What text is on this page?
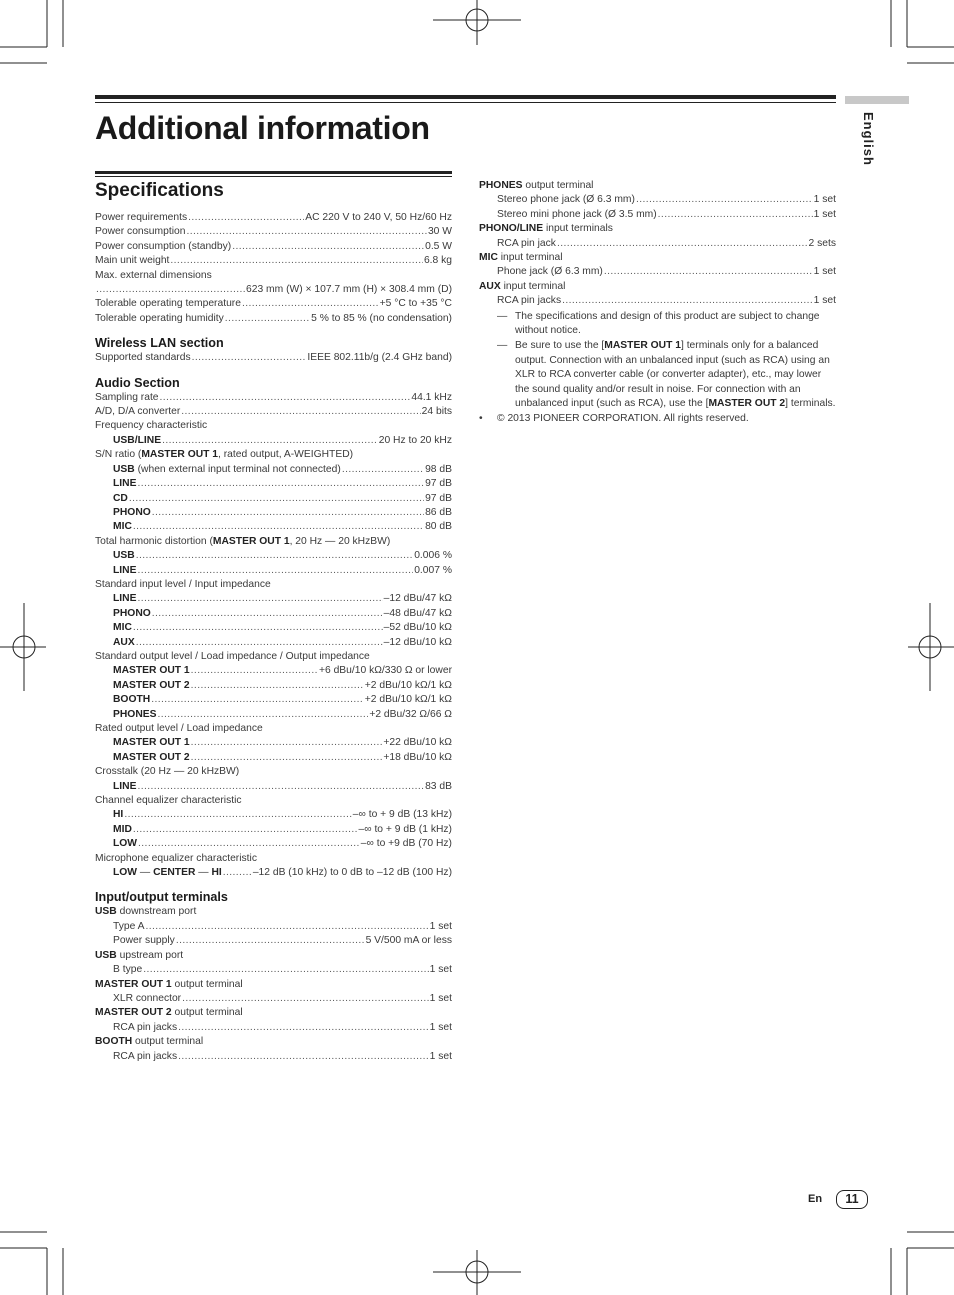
English
Additional information
Specifications
Power requirements .....	AC 220 V to 240 V, 50 Hz/60 Hz
Power consumption .....	30 W
Power consumption (standby) .....	0.5 W
Main unit weight .....	6.8 kg
Max. external dimensions
.....
623 mm (W) × 107.7 mm (H) × 308.4 mm (D)
Tolerable operating temperature .....	+5 °C to +35 °C
Tolerable operating humidity .....	5 % to 85 % (no condensation)
Wireless LAN section
Supported standards .....	IEEE 802.11b/g (2.4 GHz band)
Audio Section
Sampling rate .....	44.1 kHz
A/D, D/A converter .....	24 bits
Frequency characteristic
USB/LINE .....	20 Hz to 20 kHz
S/N ratio (MASTER OUT 1, rated output, A-WEIGHTED)
USB (when external input terminal not connected) .....	98 dB
LINE .....	97 dB
CD .....	97 dB
PHONO .....	86 dB
MIC .....	80 dB
Total harmonic distortion (MASTER OUT 1, 20 Hz — 20 kHzBW)
USB .....	0.006 %
LINE .....	0.007 %
Standard input level / Input impedance
LINE .....	–12 dBu/47 kΩ
PHONO .....	–48 dBu/47 kΩ
MIC .....	–52 dBu/10 kΩ
AUX .....	–12 dBu/10 kΩ
Standard output level / Load impedance / Output impedance
MASTER OUT 1 .....	+6 dBu/10 kΩ/330 Ω or lower
MASTER OUT 2 .....	+2 dBu/10 kΩ/1 kΩ
BOOTH .....	+2 dBu/10 kΩ/1 kΩ
PHONES .....	+2 dBu/32 Ω/66 Ω
Rated output level / Load impedance
MASTER OUT 1 .....	+22 dBu/10 kΩ
MASTER OUT 2 .....	+18 dBu/10 kΩ
Crosstalk (20 Hz — 20 kHzBW)
LINE .....	83 dB
Channel equalizer characteristic
HI .....	–∞ to + 9 dB (13 kHz)
MID .....	–∞ to + 9 dB (1 kHz)
LOW .....	–∞ to +9 dB (70 Hz)
Microphone equalizer characteristic
LOW — CENTER — HI .....	–12 dB (10 kHz) to 0 dB to –12 dB (100 Hz)
Input/output terminals
USB downstream port
Type A .....	1 set
Power supply .....	5 V/500 mA or less
USB upstream port
B type .....	1 set
MASTER OUT 1 output terminal
XLR connector .....	1 set
MASTER OUT 2 output terminal
RCA pin jacks .....	1 set
BOOTH output terminal
RCA pin jacks .....	1 set
PHONES output terminal
Stereo phone jack (Ø 6.3 mm) .....	1 set
Stereo mini phone jack (Ø 3.5 mm) .....	1 set
PHONO/LINE input terminals
RCA pin jack .....	2 sets
MIC input terminal
Phone jack (Ø 6.3 mm) .....	1 set
AUX input terminal
RCA pin jacks .....	1 set
— The specifications and design of this product are subject to change without notice.
— Be sure to use the [MASTER OUT 1] terminals only for a balanced output. Connection with an unbalanced input (such as RCA) using an XLR to RCA converter cable (or converter adapter), etc., may lower the sound quality and/or result in noise. For connection with an unbalanced input (such as RCA), use the [MASTER OUT 2] terminals.
•	© 2013 PIONEER CORPORATION. All rights reserved.
En	11
